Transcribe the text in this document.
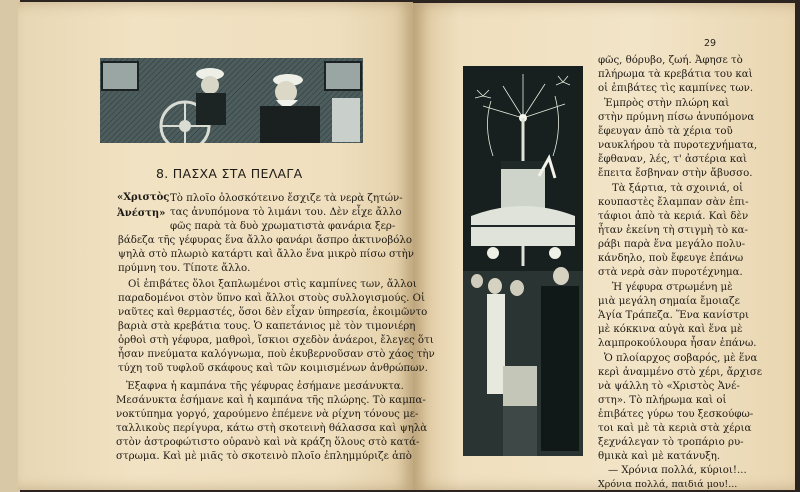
8. ΠΑΣΧΑ ΣΤΑ ΠΕΛΑΓΑ
«Χριστὸς
Ἀνέστη»
Τὸ πλοῖο ὁλοσκότεινο ἔσχιζε τὰ νερὰ ζητών-
τας ἀνυπόμονα τὸ λιμάνι του. Δὲν εἶχε ἄλλο
φῶς παρὰ τὰ δυὸ χρωματιστὰ φανάρια ξερ-
βάδεζα τῆς γέφυρας ἕνα ἄλλο φανάρι ἄσπρο ἀκτινοβόλο
ψηλὰ στὸ πλωριὸ κατάρτι καὶ ἄλλο ἕνα μικρὸ πίσω στὴν
πρύμνη του. Τίποτε ἄλλο.
Οἱ ἐπιβάτες ὅλοι ξαπλωμένοι στὶς καμπίνες των, ἄλλοι
παραδομένοι στὸν ὕπνο καὶ ἄλλοι στοὺς συλλογισμούς. Οἱ
ναῦτες καὶ θερμαστές, ὅσοι δὲν εἶχαν ὑπηρεσία, ἐκοιμῶντο
βαριὰ στὰ κρεβάτια τους. Ὁ καπετάνιος μὲ τὸν τιμονιέρη
ὀρθοὶ στὴ γέφυρα, μαθροὶ, ἴσκιοι σχεδὸν ἀνάεροι, ἔλεγες ὅτι
ἦσαν πνεύματα καλόγνωμα, ποὺ ἐκυβερνοῦσαν στὸ χάος τὴν
τύχη τοῦ τυφλοῦ σκάφους καὶ τῶν κοιμισμένων ἀνθρώπων.
Ἐξαφνα ἡ καμπάνα τῆς γέφυρας ἐσήμανε μεσάνυκτα.
Μεσάνυκτα ἐσήμανε καὶ ἡ καμπάνα τῆς πλώρης. Τὸ καμπα-
νοκτύπημα γοργό, χαρούμενο ἐπέμενε νὰ ρίχνη τόνους με-
ταλλικοὺς περίγυρα, κάτω στὴ σκοτεινὴ θάλασσα καὶ ψηλὰ
στὸν ἀστροφώτιστο οὐρανὸ καὶ νὰ κράζη ὅλους στὸ κατά-
στρωμα. Καὶ μὲ μιᾶς τὸ σκοτεινὸ πλοῖο ἐπλημμύριζε ἀπὸ
29
φῶς, θόρυβο, ζωή. Ἀφησε τὸ
πλήρωμα τὰ κρεβάτια του καὶ
οἱ ἐπιβάτες τὶς καμπίνες των.
Ἐμπρὸς στὴν πλώρη καὶ
στὴν πρύμνη πίσω ἀνυπόμονα
ἔφευγαν ἀπὸ τὰ χέρια τοῦ
ναυκλήρου τὰ πυροτεχνήματα,
ἔφθαναν, λές, τ' ἀστέρια καὶ
ἔπειτα ἔσβηναν στὴν ἄβυσσο.
Τὰ ξάρτια, τὰ σχοινιά, οἱ
κουπαστὲς ἔλαμπαν σὰν ἐπι-
τάφιοι ἀπὸ τὰ κεριά. Καὶ δὲν
ἦταν ἐκείνη τὴ στιγμὴ τὸ κα-
ράβι παρὰ ἕνα μεγάλο πολυ-
κάνδηλο, ποὺ ἔφευγε ἐπάνω
στὰ νερὰ σὰν πυροτέχνημα.
Ἡ γέφυρα στρωμένη μὲ
μιὰ μεγάλη σημαία ἔμοιαζε
Ἁγία Τράπεζα. Ἕνα κανίστρι
μὲ κόκκινα αὐγὰ καὶ ἕνα μὲ
λαμπροκούλουρα ἦσαν ἐπάνω.
Ὁ πλοίαρχος σοβαρός, μὲ ἕνα
κερὶ ἀναμμένο στὸ χέρι, ἄρχισε
νὰ ψάλλη τὸ «Χριστὸς Ἀνέ-
στη». Τὸ πλήρωμα καὶ οἱ
ἐπιβάτες γύρω του ξεσκούφω-
τοι καὶ μὲ τὰ κεριὰ στὰ χέρια
ξεχνάλεγαν τὸ τροπάριο ρυ-
θμικὰ καὶ μὲ κατάνυξη.
— Χρόνια πολλά, κύριοι!...
Χρόνια πολλά, παιδιά μου!...
